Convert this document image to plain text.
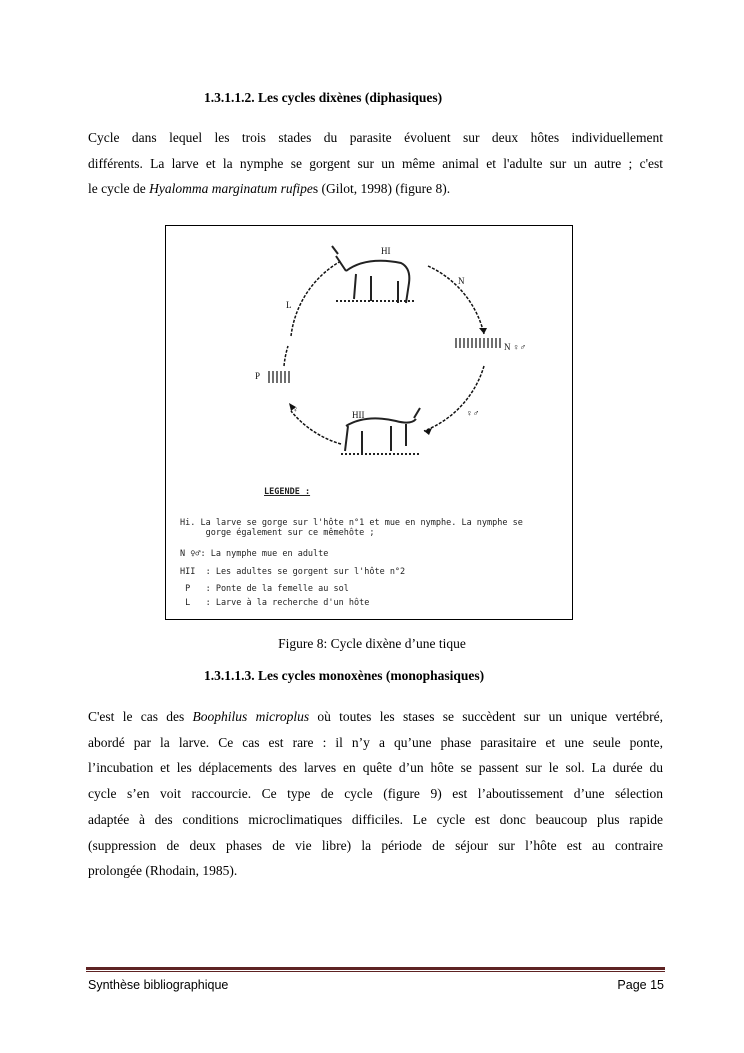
1.3.1.1.2. Les cycles dixènes (diphasiques)
Cycle dans lequel les trois stades du parasite évoluent sur deux hôtes individuellement
différents. La larve et la nymphe se gorgent sur un même animal et l'adulte sur un autre ; c'est
le cycle de Hyalomma marginatum rufipes (Gilot, 1998) (figure 8).
HI
N
N ♀♂
♀♂
HII
♀
P
L
LEGENDE :
Hi. La larve se gorge sur l'hôte n°1 et mue en nymphe. La nymphe se
gorge également sur ce mêmehôte ;
N ♀♂: La nymphe mue en adulte
HII  : Les adultes se gorgent sur l'hôte n°2
P   : Ponte de la femelle au sol
L   : Larve à la recherche d'un hôte
Figure 8: Cycle dixène d’une tique
1.3.1.1.3. Les cycles monoxènes (monophasiques)
C'est le cas des Boophilus microplus où toutes les stases se succèdent sur un unique vertébré,
abordé par la larve. Ce cas est rare : il n’y a qu’une phase parasitaire et une seule ponte,
l’incubation et les déplacements des larves en quête d’un hôte se passent sur le sol. La durée du
cycle s’en voit raccourcie. Ce type de cycle (figure 9) est l’aboutissement d’une sélection
adaptée à des conditions microclimatiques difficiles. Le cycle est donc beaucoup plus rapide
(suppression de deux phases de vie libre) la période de séjour sur l’hôte est au contraire
prolongée (Rhodain, 1985).
Synthèse bibliographique	Page 15
